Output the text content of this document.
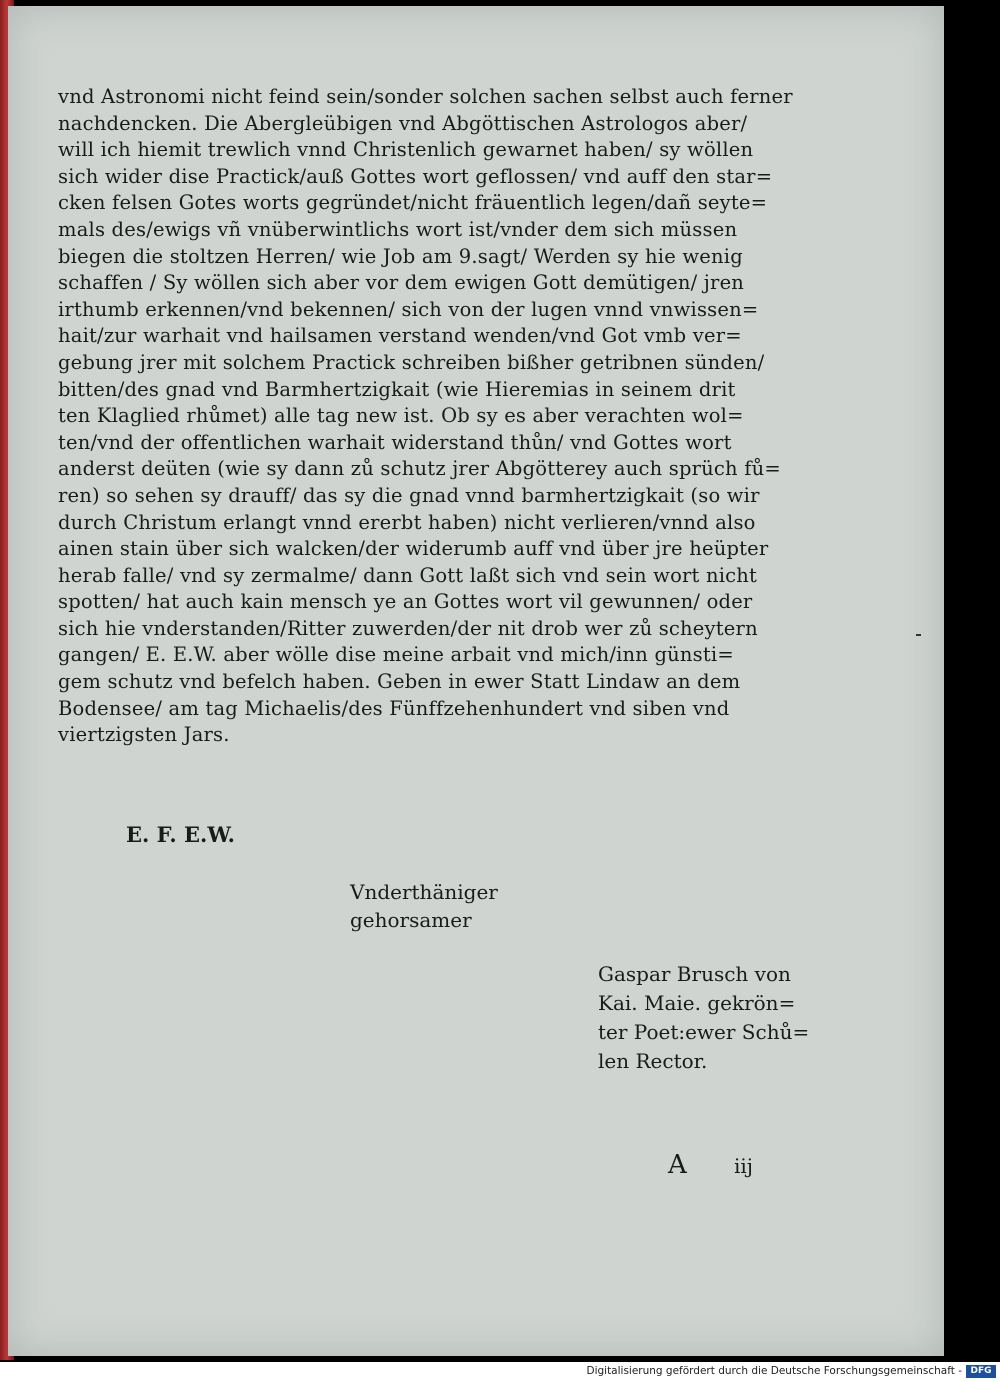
vnd Astronomi nicht feind sein/sonder solchen sachen selbst auch ferner
nachdencken. Die Abergleübigen vnd Abgöttischen Astrologos aber/
will ich hiemit trewlich vnnd Christenlich gewarnet haben/ sy wöllen
sich wider dise Practick/auß Gottes wort geflossen/ vnd auff den star=
cken felsen Gotes worts gegründet/nicht fräuentlich legen/dañ seyte=
mals des/ewigs vñ vnüberwintlichs wort ist/vnder dem sich müssen
biegen die stoltzen Herren/ wie Job am 9.sagt/ Werden sy hie wenig
schaffen / Sy wöllen sich aber vor dem ewigen Gott demütigen/ jren
irthumb erkennen/vnd bekennen/ sich von der lugen vnnd vnwissen=
hait/zur warhait vnd hailsamen verstand wenden/vnd Got vmb ver=
gebung jrer mit solchem Practick schreiben bißher getribnen sünden/
bitten/des gnad vnd Barmhertzigkait (wie Hieremias in seinem drit
ten Klaglied rhůmet) alle tag new ist. Ob sy es aber verachten wol=
ten/vnd der offentlichen warhait widerstand thůn/ vnd Gottes wort
anderst deüten (wie sy dann zů schutz jrer Abgötterey auch sprüch fů=
ren) so sehen sy drauff/ das sy die gnad vnnd barmhertzigkait (so wir
durch Christum erlangt vnnd ererbt haben) nicht verlieren/vnnd also
ainen stain über sich walcken/der widerumb auff vnd über jre heüpter
herab falle/ vnd sy zermalme/ dann Gott laßt sich vnd sein wort nicht
spotten/ hat auch kain mensch ye an Gottes wort vil gewunnen/ oder
sich hie vnderstanden/Ritter zuwerden/der nit drob wer zů scheytern
gangen/ E. E.W. aber wölle dise meine arbait vnd mich/inn günsti=
gem schutz vnd befelch haben. Geben in ewer Statt Lindaw an dem
Bodensee/ am tag Michaelis/des Fünffzehenhundert vnd siben vnd
viertzigsten Jars.
E. F. E.W.
Vnderthäniger
gehorsamer
Gaspar Brusch von
Kai. Maie. gekrön=
ter Poet:ewer Schů=
len Rector.
A iij
Digitalisierung gefördert durch die Deutsche Forschungsgemeinschaft - DFG
